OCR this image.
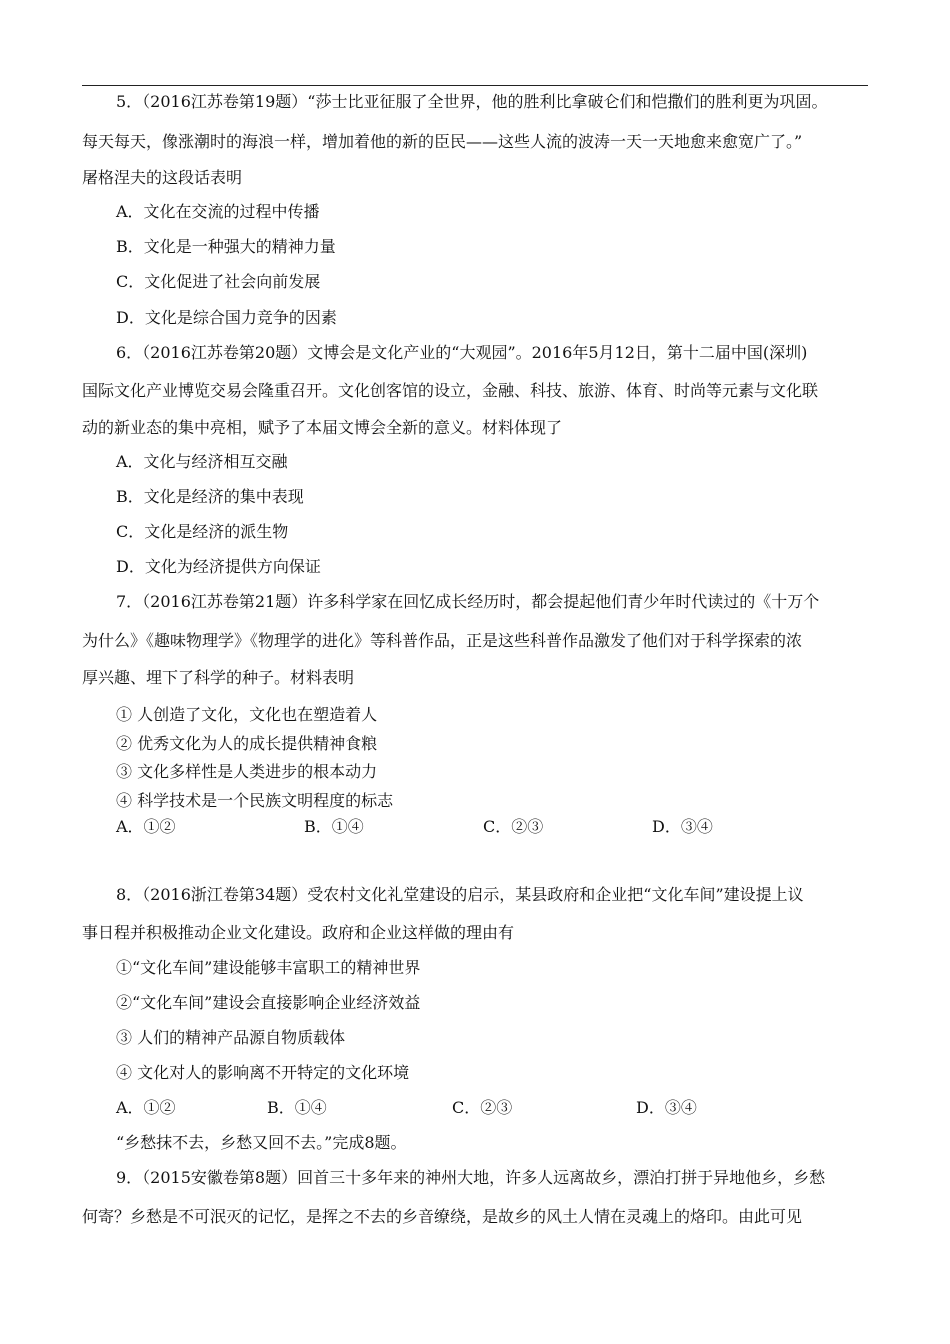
5．（2016江苏卷第19题）“莎士比亚征服了全世界，他的胜利比拿破仑们和恺撒们的胜利更为巩固。
每天每天，像涨潮时的海浪一样，增加着他的新的臣民——这些人流的波涛一天一天地愈来愈宽广了。”
屠格涅夫的这段话表明
A．文化在交流的过程中传播
B．文化是一种强大的精神力量
C．文化促进了社会向前发展
D．文化是综合国力竞争的因素
6．（2016江苏卷第20题）文博会是文化产业的“大观园”。2016年5月12日，第十二届中国(深圳)
国际文化产业博览交易会隆重召开。文化创客馆的设立，金融、科技、旅游、体育、时尚等元素与文化联
动的新业态的集中亮相，赋予了本届文博会全新的意义。材料体现了
A．文化与经济相互交融
B．文化是经济的集中表现
C．文化是经济的派生物
D．文化为经济提供方向保证
7．（2016江苏卷第21题）许多科学家在回忆成长经历时，都会提起他们青少年时代读过的《十万个
为什么》《趣味物理学》《物理学的进化》等科普作品，正是这些科普作品激发了他们对于科学探索的浓
厚兴趣、埋下了科学的种子。材料表明
① 人创造了文化，文化也在塑造着人
② 优秀文化为人的成长提供精神食粮
③ 文化多样性是人类进步的根本动力
④ 科学技术是一个民族文明程度的标志
A．①②	B．①④	C．②③	D．③④
8．（2016浙江卷第34题）受农村文化礼堂建设的启示，某县政府和企业把“文化车间”建设提上议
事日程并积极推动企业文化建设。政府和企业这样做的理由有
①“文化车间”建设能够丰富职工的精神世界
②“文化车间”建设会直接影响企业经济效益
③ 人们的精神产品源自物质载体
④ 文化对人的影响离不开特定的文化环境
A．①②	B．①④	C．②③	D．③④
“乡愁抹不去，乡愁又回不去。”完成8题。
9．（2015安徽卷第8题）回首三十多年来的神州大地，许多人远离故乡，漂泊打拼于异地他乡，乡愁
何寄？乡愁是不可泯灭的记忆，是挥之不去的乡音缭绕，是故乡的风土人情在灵魂上的烙印。由此可见
